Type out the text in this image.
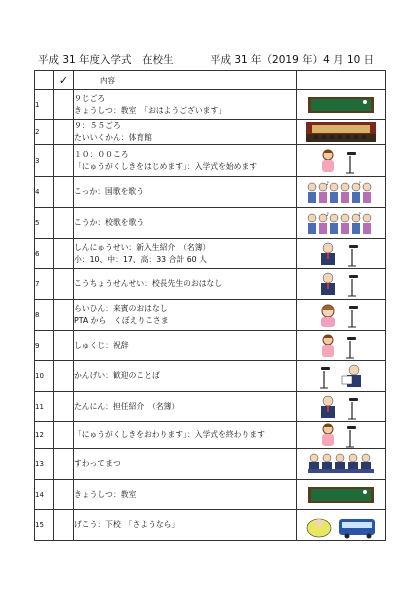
平成 31 年度入学式　在校生	平成 31 年（2019 年）4 月 10 日
	✓	内容	
1		９じごろ
きょうしつ：教室　「おはようございます」

2		９：５５ごろ
たいいくかん：体育館

3		１０：００ころ
「にゅうがくしきをはじめます」：入学式を始めます

4		こっか：国歌を歌う	♪ ♪

5		こうか：校歌を歌う	♪ ♪

6		しんにゅうせい：新入生紹介　（名簿）
小：10、中：17、高：33 合計 60 人

7		こうちょうせんせい：校長先生のおはなし

8		らいひん：来賓のおはなし
PTA から　くぼえりこさま

9		しゅくじ：祝辞

10		かんげい：歓迎のことば

11		たんにん：担任紹介　（名簿）

12		「にゅうがくしきをおわります」：入学式を終わります

13		すわってまつ

14		きょうしつ：教室

15		げこう：下校　「さようなら」
